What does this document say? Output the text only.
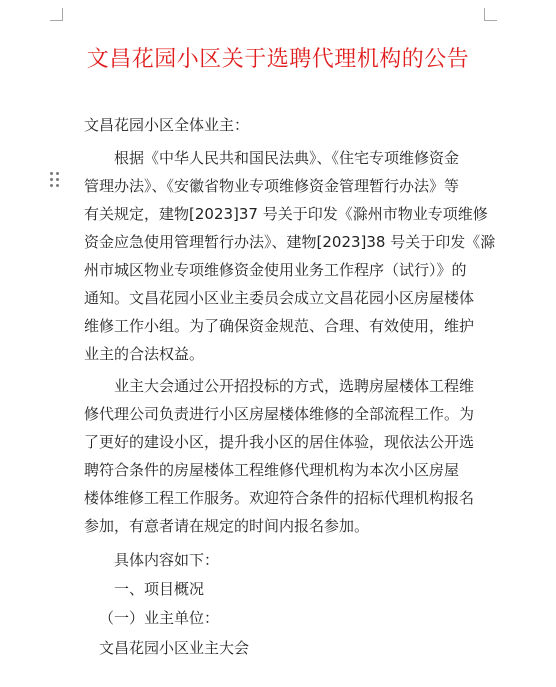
文昌花园小区关于选聘代理机构的公告
文昌花园小区全体业主：
根据《中华人民共和国民法典》、《住宅专项维修资金
管理办法》、《安徽省物业专项维修资金管理暂行办法》等
有关规定，建物[2023]37 号关于印发《滁州市物业专项维修
资金应急使用管理暂行办法》、建物[2023]38 号关于印发《滁
州市城区物业专项维修资金使用业务工作程序（试行）》的
通知。文昌花园小区业主委员会成立文昌花园小区房屋楼体
维修工作小组。为了确保资金规范、合理、有效使用，维护
业主的合法权益。
业主大会通过公开招投标的方式，选聘房屋楼体工程维
修代理公司负责进行小区房屋楼体维修的全部流程工作。为
了更好的建设小区，提升我小区的居住体验，现依法公开选
聘符合条件的房屋楼体工程维修代理机构为本次小区房屋
楼体维修工程工作服务。欢迎符合条件的招标代理机构报名
参加，有意者请在规定的时间内报名参加。
具体内容如下：
一、项目概况
（一）业主单位：
文昌花园小区业主大会
